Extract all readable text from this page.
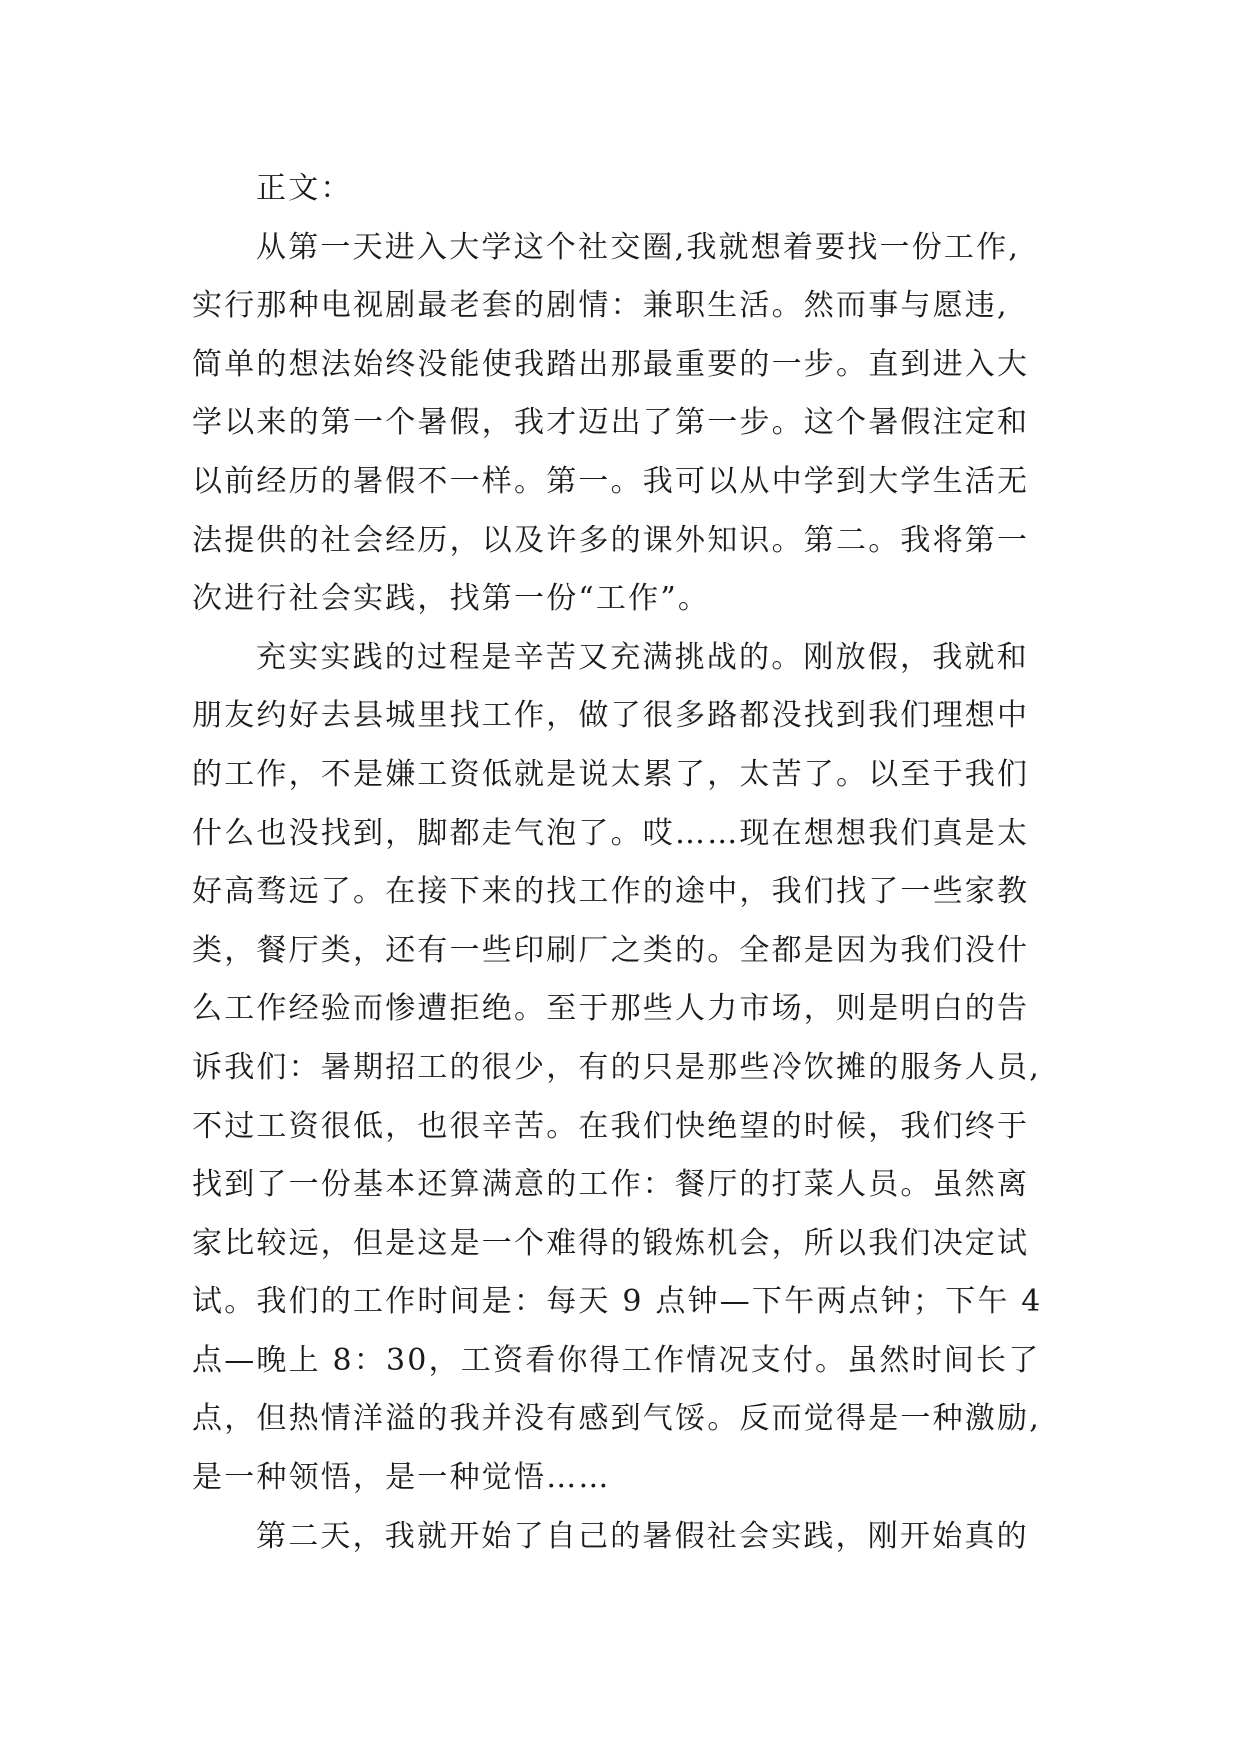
正文：
从第一天进入大学这个社交圈,我就想着要找一份工作,
实行那种电视剧最老套的剧情：兼职生活。然而事与愿违,
简单的想法始终没能使我踏出那最重要的一步。直到进入大
学以来的第一个暑假，我才迈出了第一步。这个暑假注定和
以前经历的暑假不一样。第一。我可以从中学到大学生活无
法提供的社会经历，以及许多的课外知识。第二。我将第一
次进行社会实践，找第一份“工作”。
充实实践的过程是辛苦又充满挑战的。刚放假，我就和
朋友约好去县城里找工作，做了很多路都没找到我们理想中
的工作，不是嫌工资低就是说太累了，太苦了。以至于我们
什么也没找到，脚都走气泡了。哎……现在想想我们真是太
好高骛远了。在接下来的找工作的途中，我们找了一些家教
类，餐厅类，还有一些印刷厂之类的。全都是因为我们没什
么工作经验而惨遭拒绝。至于那些人力市场，则是明白的告
诉我们：暑期招工的很少，有的只是那些冷饮摊的服务人员,
不过工资很低，也很辛苦。在我们快绝望的时候，我们终于
找到了一份基本还算满意的工作：餐厅的打菜人员。虽然离
家比较远，但是这是一个难得的锻炼机会，所以我们决定试
试。我们的工作时间是：每天 9 点钟—下午两点钟；下午 4
点—晚上 8：30，工资看你得工作情况支付。虽然时间长了
点，但热情洋溢的我并没有感到气馁。反而觉得是一种激励,
是一种领悟，是一种觉悟……
第二天，我就开始了自己的暑假社会实践，刚开始真的
